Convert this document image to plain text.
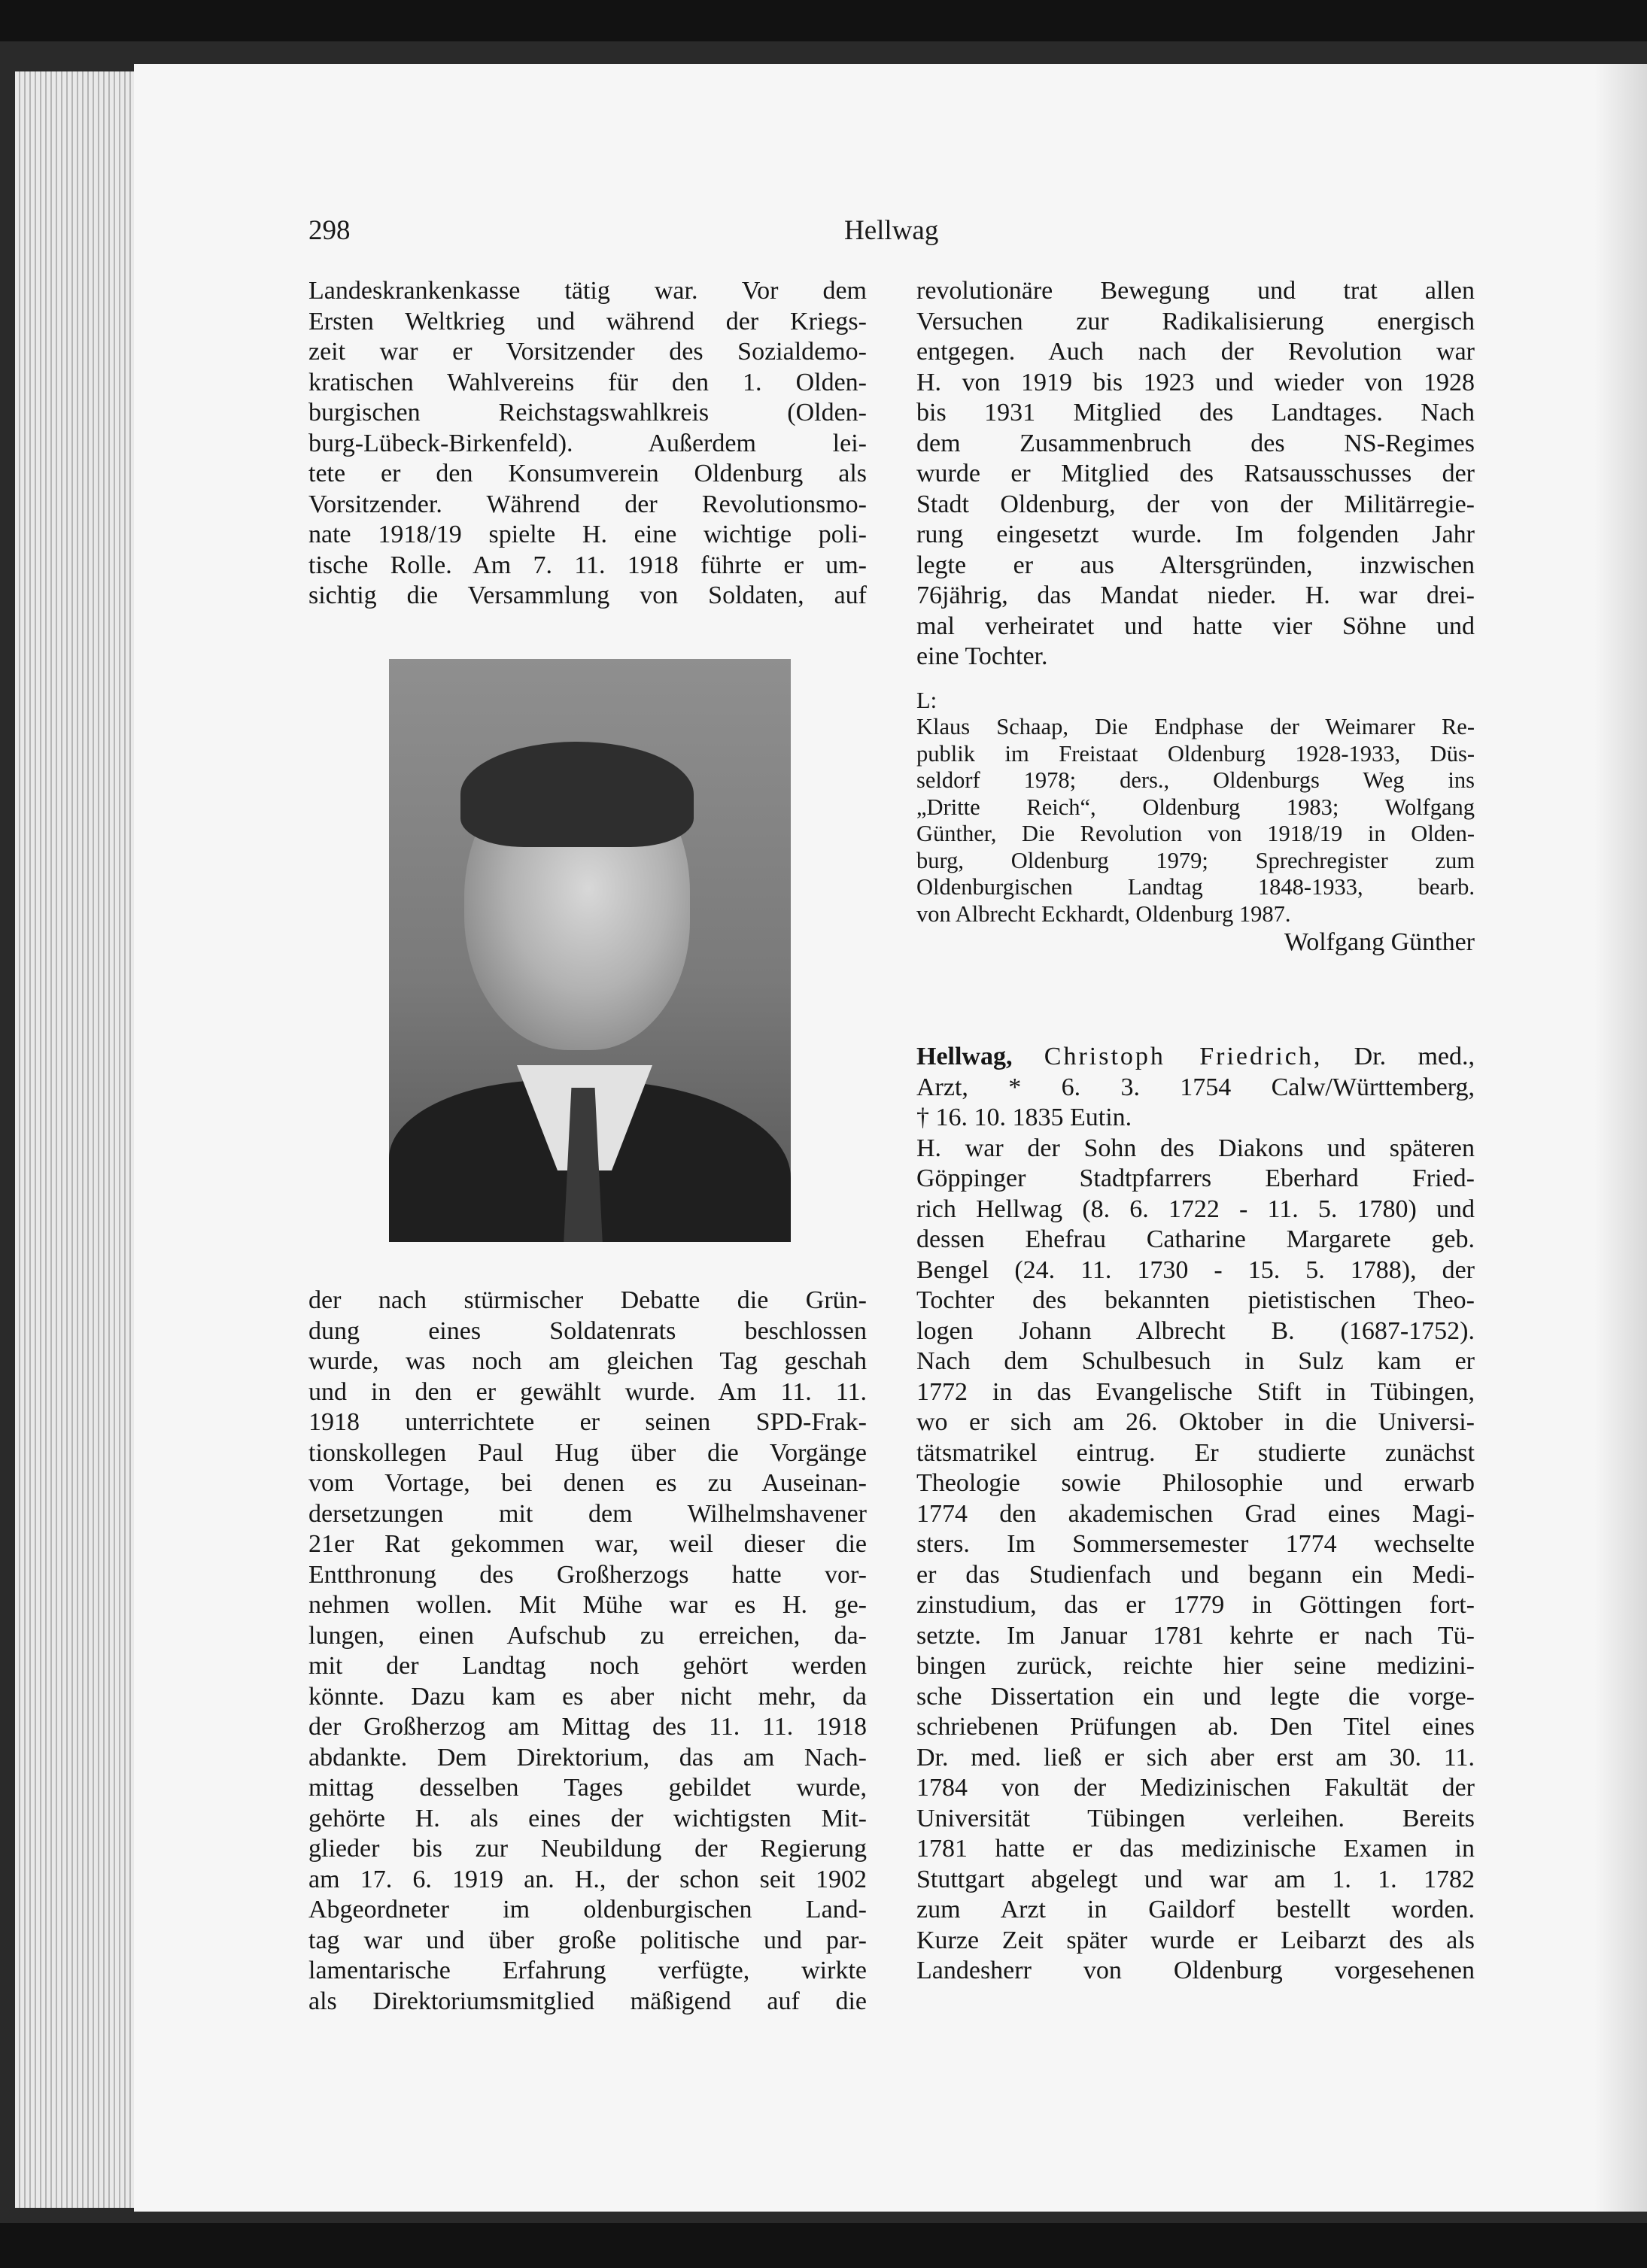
298	Hellwag

Landeskrankenkasse tätig war. Vor dem

Ersten Weltkrieg und während der Kriegs-

zeit war er Vorsitzender des Sozialdemo-

kratischen Wahlvereins für den 1. Olden-

burgischen Reichstagswahlkreis (Olden-

burg-Lübeck-Birkenfeld). Außerdem lei-

tete er den Konsumverein Oldenburg als

Vorsitzender. Während der Revolutionsmo-

nate 1918/19 spielte H. eine wichtige poli-

tische Rolle. Am 7. 11. 1918 führte er um-

sichtig die Versammlung von Soldaten, auf

der nach stürmischer Debatte die Grün-

dung eines Soldatenrats beschlossen

wurde, was noch am gleichen Tag geschah

und in den er gewählt wurde. Am 11. 11.

1918 unterrichtete er seinen SPD-Frak-

tionskollegen Paul Hug über die Vorgänge

vom Vortage, bei denen es zu Auseinan-

dersetzungen mit dem Wilhelmshavener

21er Rat gekommen war, weil dieser die

Entthronung des Großherzogs hatte vor-

nehmen wollen. Mit Mühe war es H. ge-

lungen, einen Aufschub zu erreichen, da-

mit der Landtag noch gehört werden

könnte. Dazu kam es aber nicht mehr, da

der Großherzog am Mittag des 11. 11. 1918

abdankte. Dem Direktorium, das am Nach-

mittag desselben Tages gebildet wurde,

gehörte H. als eines der wichtigsten Mit-

glieder bis zur Neubildung der Regierung

am 17. 6. 1919 an. H., der schon seit 1902

Abgeordneter im oldenburgischen Land-

tag war und über große politische und par-

lamentarische Erfahrung verfügte, wirkte

als Direktoriumsmitglied mäßigend auf die

revolutionäre Bewegung und trat allen

Versuchen zur Radikalisierung energisch

entgegen. Auch nach der Revolution war

H. von 1919 bis 1923 und wieder von 1928

bis 1931 Mitglied des Landtages. Nach

dem Zusammenbruch des NS-Regimes

wurde er Mitglied des Ratsausschusses der

Stadt Oldenburg, der von der Militärregie-

rung eingesetzt wurde. Im folgenden Jahr

legte er aus Altersgründen, inzwischen

76jährig, das Mandat nieder. H. war drei-

mal verheiratet und hatte vier Söhne und

eine Tochter.

L:

Klaus Schaap, Die Endphase der Weimarer Re-

publik im Freistaat Oldenburg 1928-1933, Düs-

seldorf 1978; ders., Oldenburgs Weg ins

„Dritte Reich“, Oldenburg 1983; Wolfgang

Günther, Die Revolution von 1918/19 in Olden-

burg, Oldenburg 1979; Sprechregister zum

Oldenburgischen Landtag 1848-1933, bearb.

von Albrecht Eckhardt, Oldenburg 1987.

Wolfgang Günther

Hellwag, Christoph Friedrich, Dr. med.,

Arzt, * 6. 3. 1754 Calw/Württemberg,

† 16. 10. 1835 Eutin.

H. war der Sohn des Diakons und späteren

Göppinger Stadtpfarrers Eberhard Fried-

rich Hellwag (8. 6. 1722 - 11. 5. 1780) und

dessen Ehefrau Catharine Margarete geb.

Bengel (24. 11. 1730 - 15. 5. 1788), der

Tochter des bekannten pietistischen Theo-

logen Johann Albrecht B. (1687-1752).

Nach dem Schulbesuch in Sulz kam er

1772 in das Evangelische Stift in Tübingen,

wo er sich am 26. Oktober in die Universi-

tätsmatrikel eintrug. Er studierte zunächst

Theologie sowie Philosophie und erwarb

1774 den akademischen Grad eines Magi-

sters. Im Sommersemester 1774 wechselte

er das Studienfach und begann ein Medi-

zinstudium, das er 1779 in Göttingen fort-

setzte. Im Januar 1781 kehrte er nach Tü-

bingen zurück, reichte hier seine medizini-

sche Dissertation ein und legte die vorge-

schriebenen Prüfungen ab. Den Titel eines

Dr. med. ließ er sich aber erst am 30. 11.

1784 von der Medizinischen Fakultät der

Universität Tübingen verleihen. Bereits

1781 hatte er das medizinische Examen in

Stuttgart abgelegt und war am 1. 1. 1782

zum Arzt in Gaildorf bestellt worden.

Kurze Zeit später wurde er Leibarzt des als

Landesherr von Oldenburg vorgesehenen
